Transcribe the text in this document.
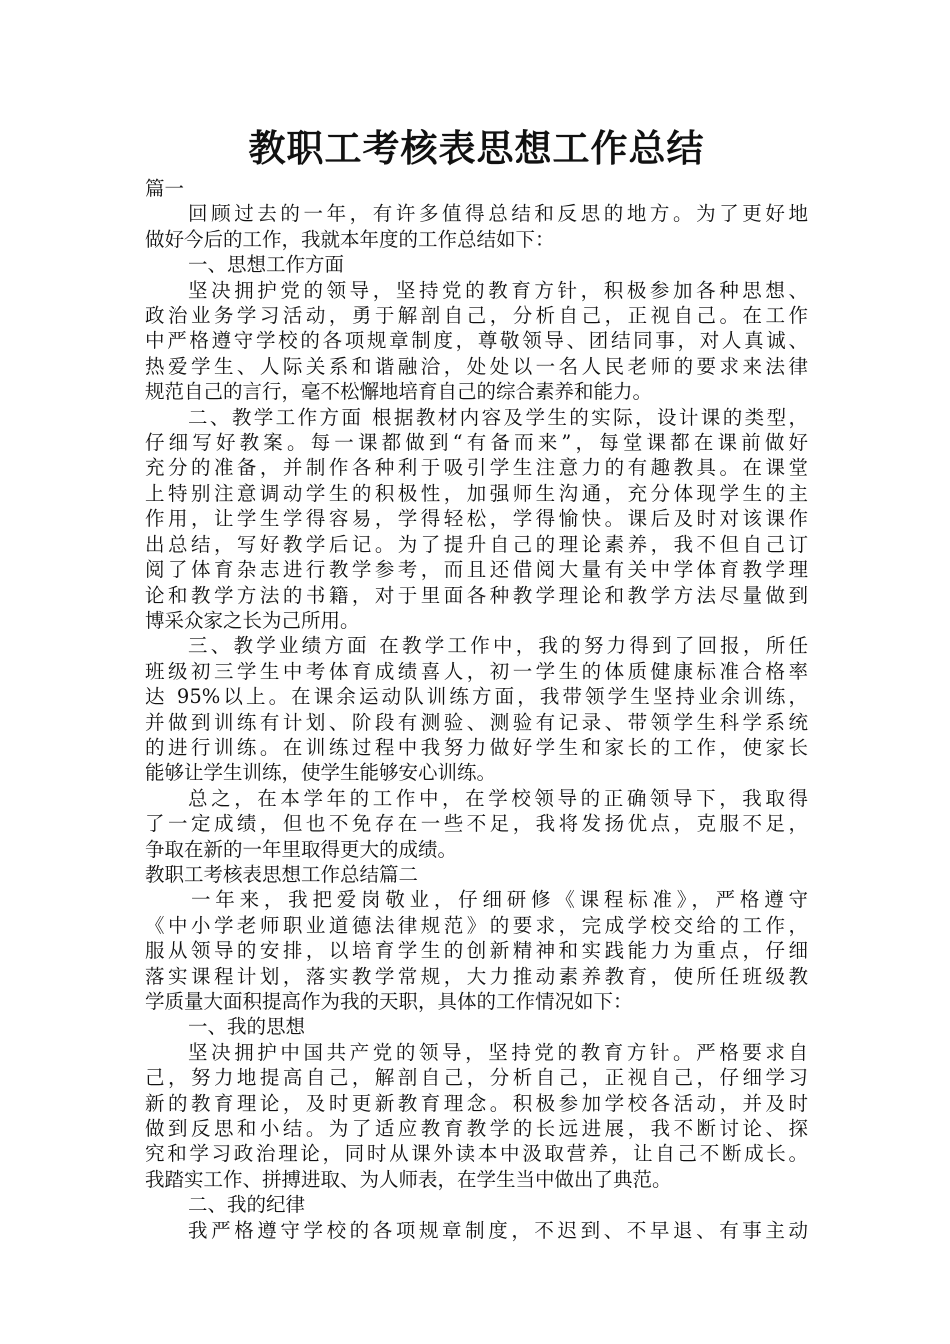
教职工考核表思想工作总结

篇一

回顾过去的一年，有许多值得总结和反思的地方。为了更好地

做好今后的工作，我就本年度的工作总结如下：

一、思想工作方面

坚决拥护党的领导，坚持党的教育方针，积极参加各种思想、

政治业务学习活动，勇于解剖自己，分析自己，正视自己。在工作

中严格遵守学校的各项规章制度，尊敬领导、团结同事，对人真诚、

热爱学生、人际关系和谐融洽，处处以一名人民老师的要求来法律

规范自己的言行，毫不松懈地培育自己的综合素养和能力。

二、教学工作方面 根据教材内容及学生的实际，设计课的类型，

仔细写好教案。每一课都做到“有备而来”，每堂课都在课前做好

充分的准备，并制作各种利于吸引学生注意力的有趣教具。在课堂

上特别注意调动学生的积极性，加强师生沟通，充分体现学生的主

作用，让学生学得容易，学得轻松，学得愉快。课后及时对该课作

出总结，写好教学后记。为了提升自己的理论素养，我不但自己订

阅了体育杂志进行教学参考，而且还借阅大量有关中学体育教学理

论和教学方法的书籍，对于里面各种教学理论和教学方法尽量做到

博采众家之长为己所用。

三、教学业绩方面 在教学工作中，我的努力得到了回报，所任

班级初三学生中考体育成绩喜人，初一学生的体质健康标准合格率

达 95%以上。在课余运动队训练方面，我带领学生坚持业余训练，

并做到训练有计划、阶段有测验、测验有记录、带领学生科学系统

的进行训练。在训练过程中我努力做好学生和家长的工作，使家长

能够让学生训练，使学生能够安心训练。

总之，在本学年的工作中，在学校领导的正确领导下，我取得

了一定成绩，但也不免存在一些不足，我将发扬优点，克服不足，

争取在新的一年里取得更大的成绩。

教职工考核表思想工作总结篇二

一年来，我把爱岗敬业，仔细研修《课程标准》，严格遵守

《中小学老师职业道德法律规范》的要求，完成学校交给的工作，

服从领导的安排，以培育学生的创新精神和实践能力为重点，仔细

落实课程计划，落实教学常规，大力推动素养教育，使所任班级教

学质量大面积提高作为我的天职，具体的工作情况如下：

一、我的思想

坚决拥护中国共产党的领导，坚持党的教育方针。严格要求自

己，努力地提高自己，解剖自己，分析自己，正视自己，仔细学习

新的教育理论，及时更新教育理念。积极参加学校各活动，并及时

做到反思和小结。为了适应教育教学的长远进展，我不断讨论、探

究和学习政治理论，同时从课外读本中汲取营养，让自己不断成长。

我踏实工作、拼搏进取、为人师表，在学生当中做出了典范。

二、我的纪律

我严格遵守学校的各项规章制度，不迟到、不早退、有事主动
